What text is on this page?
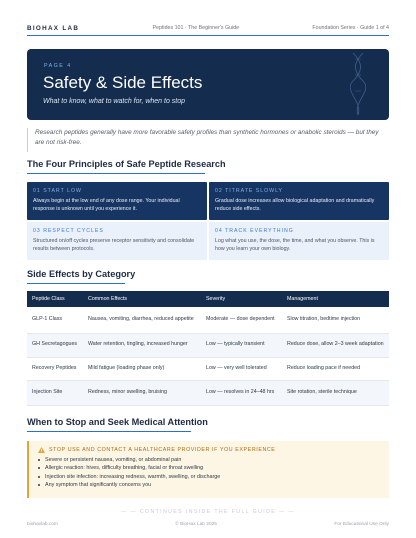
BIOHAX LAB	Peptides 101 · The Beginner's Guide	Foundation Series · Guide 1 of 4
PAGE 4
Safety & Side Effects
What to know, what to watch for, when to stop
Research peptides generally have more favorable safety profiles than synthetic hormones or anabolic steroids — but they are not risk-free.
The Four Principles of Safe Peptide Research
01 START LOW
Always begin at the low end of any dose range. Your individual response is unknown until you experience it.
02 TITRATE SLOWLY
Gradual dose increases allow biological adaptation and dramatically reduce side effects.
03 RESPECT CYCLES
Structured on/off cycles preserve receptor sensitivity and consolidate results between protocols.
04 TRACK EVERYTHING
Log what you use, the dose, the time, and what you observe. This is how you learn your own biology.
Side Effects by Category
Peptide Class	Common Effects	Severity	Management
GLP-1 Class	Nausea, vomiting, diarrhea, reduced appetite	Moderate — dose dependent	Slow titration, bedtime injection
GH Secretagogues	Water retention, tingling, increased hunger	Low — typically transient	Reduce dose, allow 2–3 week adaptation
Recovery Peptides	Mild fatigue (loading phase only)	Low — very well tolerated	Reduce loading pace if needed
Injection Site	Redness, minor swelling, bruising	Low — resolves in 24–48 hrs	Site rotation, sterile technique
When to Stop and Seek Medical Attention
STOP USE AND CONTACT A HEALTHCARE PROVIDER IF YOU EXPERIENCE
Severe or persistent nausea, vomiting, or abdominal pain
Allergic reaction: hives, difficulty breathing, facial or throat swelling
Injection site infection: increasing redness, warmth, swelling, or discharge
Any symptom that significantly concerns you
— — CONTINUES INSIDE THE FULL GUIDE — —
biohaxlab.com	© BioHax Lab 2025	For Educational Use Only
